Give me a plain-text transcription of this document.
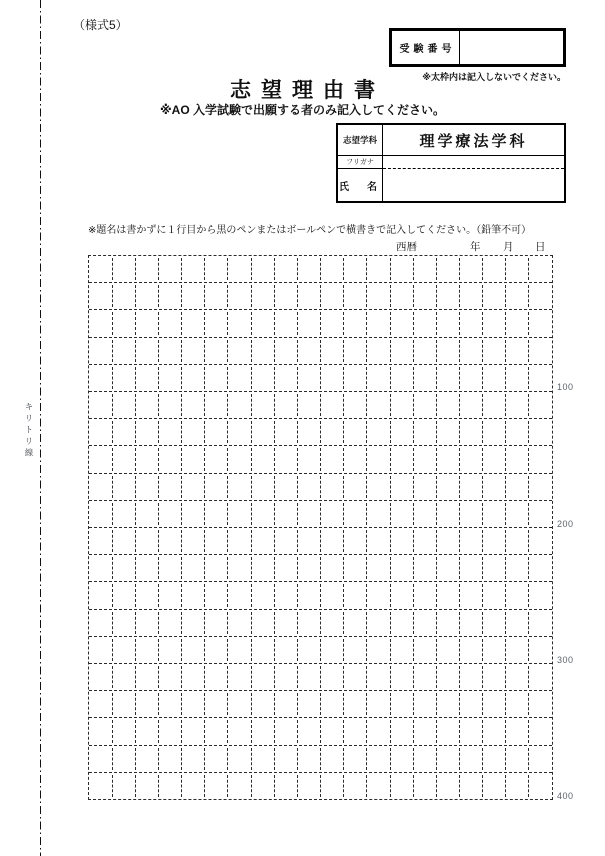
キリトリ線
（様式5）
受験番号
※太枠内は記入しないでください。
志望理由書
※AO 入学試験で出願する者のみ記入してください。
志望学科	理学療法学科
フリガナ
氏　名
※題名は書かずに１行目から黒のペンまたはボールペンで横書きで記入してください。（鉛筆不可）
西暦	年 月 日
100
200
300
400
